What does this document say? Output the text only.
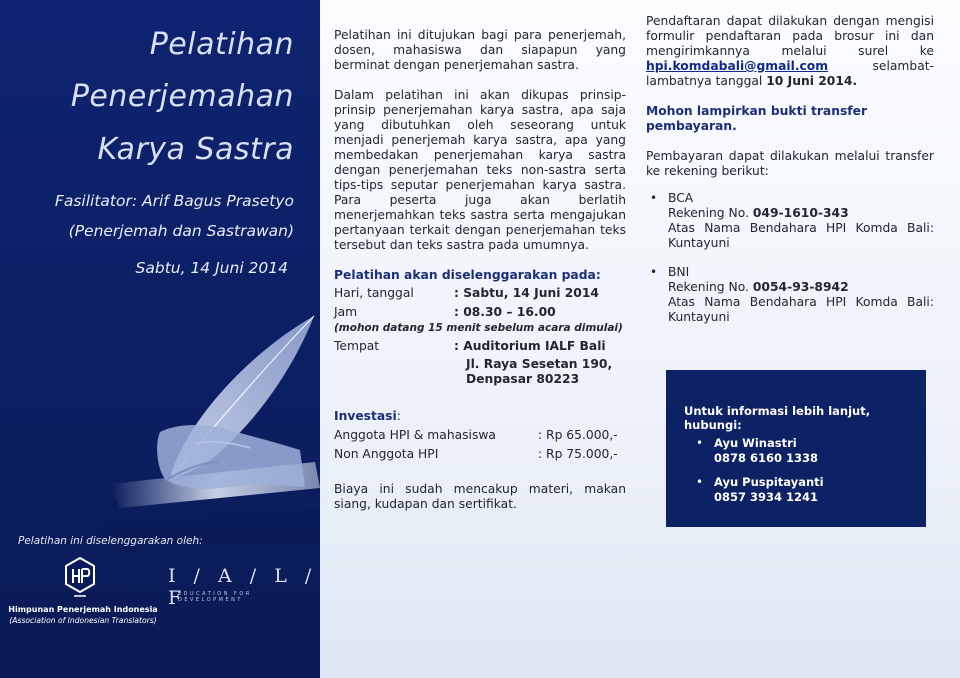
Pelatihan
Penerjemahan
Karya Sastra
Fasilitator: Arif Bagus Prasetyo
(Penerjemah dan Sastrawan)
Sabtu, 14 Juni 2014
Pelatihan ini diselenggarakan oleh:
Himpunan Penerjemah Indonesia
(Association of Indonesian Translators)
I / A / L / F
EDUCATION FOR DEVELOPMENT

Pelatihan ini ditujukan bagi para penerjemah, dosen, mahasiswa dan siapapun yang berminat dengan penerjemahan sastra.

Dalam pelatihan ini akan dikupas prinsip-prinsip penerjemahan karya sastra, apa saja yang dibutuhkan oleh seseorang untuk menjadi penerjemah karya sastra, apa yang membedakan penerjemahan karya sastra dengan penerjemahan teks non-sastra serta tips-tips seputar penerjemahan karya sastra. Para peserta juga akan berlatih menerjemahkan teks sastra serta mengajukan pertanyaan terkait dengan penerjemahan teks tersebut dan teks sastra pada umumnya.

Pelatihan akan diselenggarakan pada:
Hari, tanggal	: Sabtu, 14 Juni 2014
Jam	: 08.30 – 16.00
(mohon datang 15 menit sebelum acara dimulai)
Tempat	: Auditorium IALF Bali
Jl. Raya Sesetan 190,
Denpasar 80223
Investasi:
Anggota HPI & mahasiswa	: Rp 65.000,-
Non Anggota HPI	: Rp 75.000,-

Biaya ini sudah mencakup materi, makan siang, kudapan dan sertifikat.

Pendaftaran dapat dilakukan dengan mengisi formulir pendaftaran pada brosur ini dan mengirimkannya melalui surel ke hpi.komdabali@gmail.com	selambat-lambatnya tanggal 10 Juni 2014.

Mohon lampirkan bukti transfer pembayaran.

Pembayaran dapat dilakukan melalui transfer ke rekening berikut:

• BCA
Rekening No. 049-1610-343
Atas Nama Bendahara HPI Komda Bali: Kuntayuni
• BNI
Rekening No. 0054-93-8942
Atas Nama Bendahara HPI Komda Bali: Kuntayuni
Untuk informasi lebih lanjut, hubungi:
• Ayu Winastri
0878 6160 1338
• Ayu Puspitayanti
0857 3934 1241
